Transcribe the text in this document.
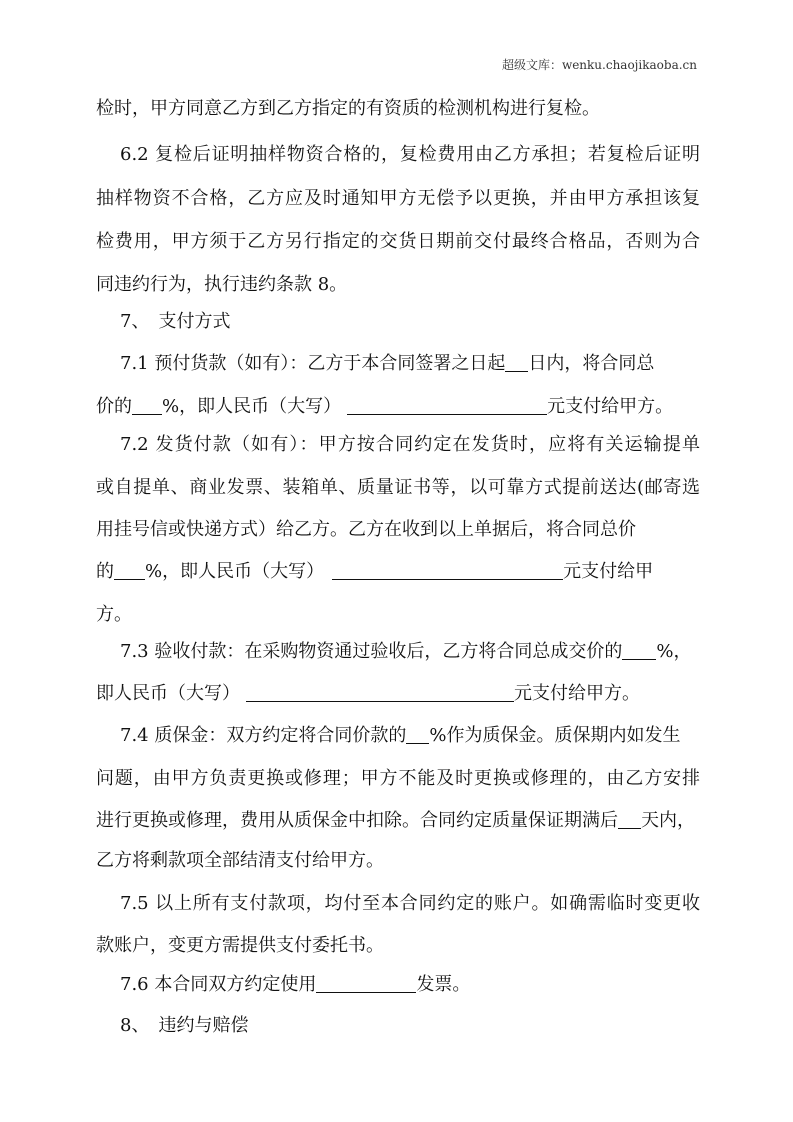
超级文库：wenku.chaojikaoba.cn
检时，甲方同意乙方到乙方指定的有资质的检测机构进行复检。
6.2 复检后证明抽样物资合格的，复检费用由乙方承担；若复检后证明
抽样物资不合格，乙方应及时通知甲方无偿予以更换，并由甲方承担该复
检费用，甲方须于乙方另行指定的交货日期前交付最终合格品，否则为合
同违约行为，执行违约条款 8。
7、　支付方式
7.1 预付货款（如有）：乙方于本合同签署之日起 日内，将合同总
价的 %，即人民币（大写）	元支付给甲方。
7.2 发货付款（如有）：甲方按合同约定在发货时，应将有关运输提单
或自提单、商业发票、装箱单、质量证书等，以可靠方式提前送达(邮寄选
用挂号信或快递方式）给乙方。乙方在收到以上单据后，将合同总价
的 %，即人民币（大写）	元支付给甲
方。
7.3 验收付款：在采购物资通过验收后，乙方将合同总成交价的 %，
即人民币（大写）	元支付给甲方。
7.4 质保金：双方约定将合同价款的 %作为质保金。质保期内如发生
问题，由甲方负责更换或修理；甲方不能及时更换或修理的，由乙方安排
进行更换或修理，费用从质保金中扣除。合同约定质量保证期满后 天内，
乙方将剩款项全部结清支付给甲方。
7.5 以上所有支付款项，均付至本合同约定的账户。如确需临时变更收
款账户，变更方需提供支付委托书。
7.6 本合同双方约定使用	发票。
8、　违约与赔偿
